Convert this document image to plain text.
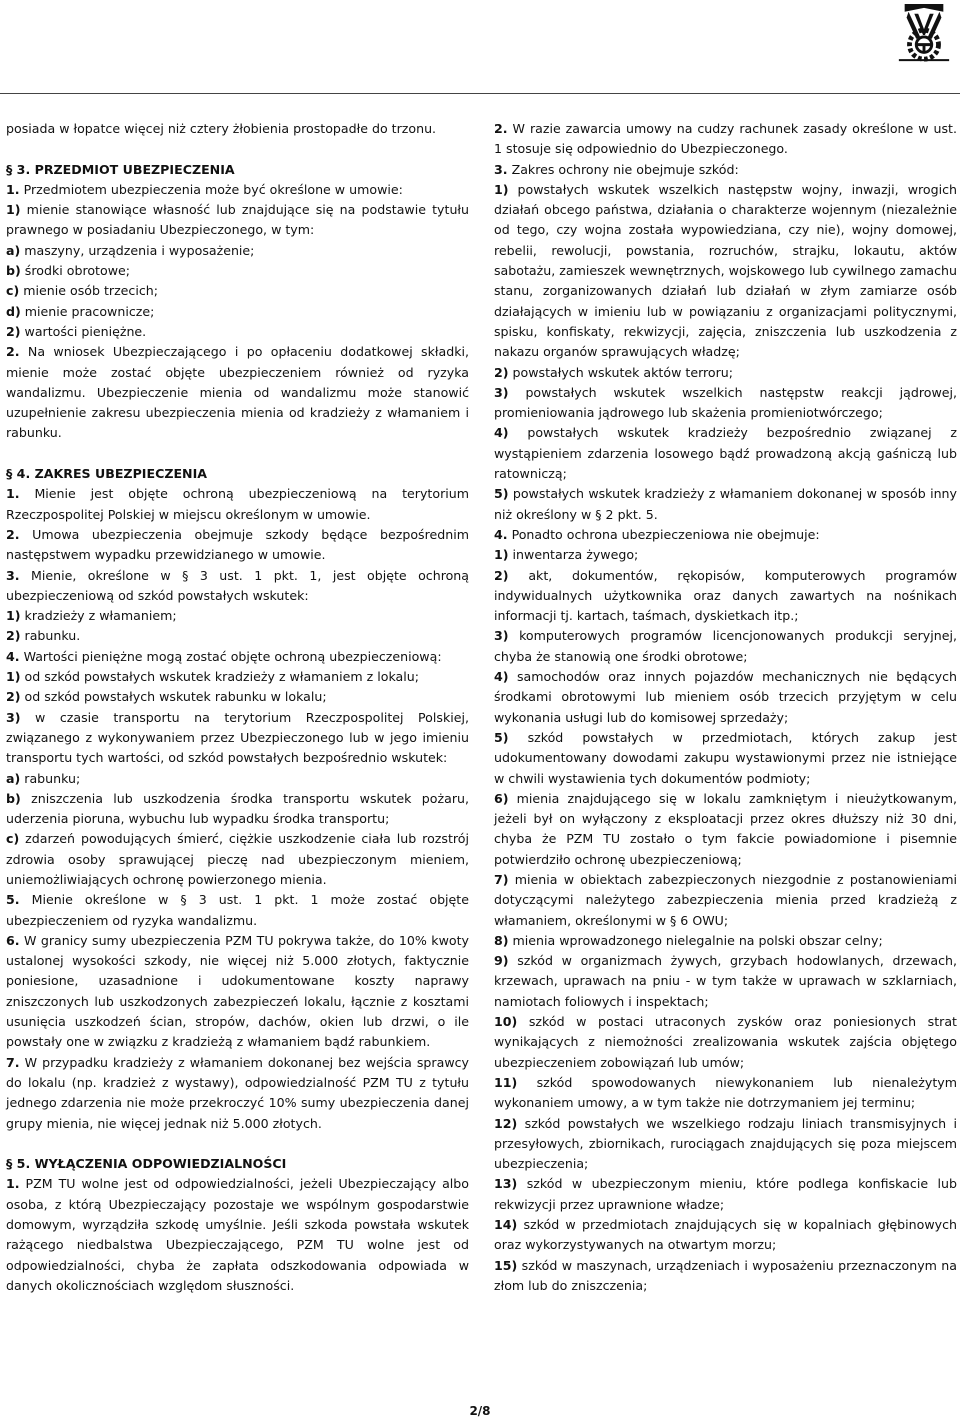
posiada w łopatce więcej niż cztery żłobienia prostopadłe do trzonu.

§ 3. PRZEDMIOT UBEZPIECZENIA

1. Przedmiotem ubezpieczenia może być określone w umowie:

1) mienie stanowiące własność lub znajdujące się na podstawie tytułu prawnego w posiadaniu Ubezpieczonego, w tym:

a) maszyny, urządzenia i wyposażenie;

b) środki obrotowe;

c) mienie osób trzecich;

d) mienie pracownicze;

2) wartości pieniężne.

2. Na wniosek Ubezpieczającego i po opłaceniu dodatkowej składki, mienie może zostać objęte ubezpieczeniem również od ryzyka wandalizmu. Ubezpieczenie mienia od wandalizmu może stanowić uzupełnienie zakresu ubezpieczenia mienia od kradzieży z włamaniem i rabunku.

§ 4. ZAKRES UBEZPIECZENIA

1. Mienie jest objęte ochroną ubezpieczeniową na terytorium Rzeczpospolitej Polskiej w miejscu określonym w umowie.

2. Umowa ubezpieczenia obejmuje szkody będące bezpośrednim następstwem wypadku przewidzianego w umowie.

3. Mienie, określone w § 3 ust. 1 pkt. 1, jest objęte ochroną ubezpieczeniową od szkód powstałych wskutek:

1) kradzieży z włamaniem;

2) rabunku.

4. Wartości pieniężne mogą zostać objęte ochroną ubezpieczeniową:

1) od szkód powstałych wskutek kradzieży z włamaniem z lokalu;

2) od szkód powstałych wskutek rabunku w lokalu;

3) w czasie transportu na terytorium Rzeczpospolitej Polskiej, związanego z wykonywaniem przez Ubezpieczonego lub w jego imieniu transportu tych wartości, od szkód powstałych bezpośrednio wskutek:

a) rabunku;

b) zniszczenia lub uszkodzenia środka transportu wskutek pożaru, uderzenia pioruna, wybuchu lub wypadku środka transportu;

c) zdarzeń powodujących śmierć, ciężkie uszkodzenie ciała lub rozstrój zdrowia osoby sprawującej pieczę nad ubezpieczonym mieniem, uniemożliwiających ochronę powierzonego mienia.

5. Mienie określone w § 3 ust. 1 pkt. 1 może zostać objęte ubezpieczeniem od ryzyka wandalizmu.

6. W granicy sumy ubezpieczenia PZM TU pokrywa także, do 10% kwoty ustalonej wysokości szkody, nie więcej niż 5.000 złotych, faktycznie poniesione, uzasadnione i udokumentowane koszty naprawy zniszczonych lub uszkodzonych zabezpieczeń lokalu, łącznie z kosztami usunięcia uszkodzeń ścian, stropów, dachów, okien lub drzwi, o ile powstały one w związku z kradzieżą z włamaniem bądź rabunkiem.

7. W przypadku kradzieży z włamaniem dokonanej bez wejścia sprawcy do lokalu (np. kradzież z wystawy), odpowiedzialność PZM TU z tytułu jednego zdarzenia nie może przekroczyć 10% sumy ubezpieczenia danej grupy mienia, nie więcej jednak niż 5.000 złotych.

§ 5. WYŁĄCZENIA ODPOWIEDZIALNOŚCI

1. PZM TU wolne jest od odpowiedzialności, jeżeli Ubezpieczający albo osoba, z którą Ubezpieczający pozostaje we wspólnym gospodarstwie domowym, wyrządziła szkodę umyślnie. Jeśli szkoda powstała wskutek rażącego niedbalstwa Ubezpieczającego, PZM TU wolne jest od odpowiedzialności, chyba że zapłata odszkodowania odpowiada w danych okolicznościach względom słuszności.

2. W razie zawarcia umowy na cudzy rachunek zasady określone w ust. 1 stosuje się odpowiednio do Ubezpieczonego.

3. Zakres ochrony nie obejmuje szkód:

1) powstałych wskutek wszelkich następstw wojny, inwazji, wrogich działań obcego państwa, działania o charakterze wojennym (niezależnie od tego, czy wojna została wypowiedziana, czy nie), wojny domowej, rebelii, rewolucji, powstania, rozruchów, strajku, lokautu, aktów sabotażu, zamieszek wewnętrznych, wojskowego lub cywilnego zamachu stanu, zorganizowanych działań lub działań w złym zamiarze osób działających w imieniu lub w powiązaniu z organizacjami politycznymi, spisku, konfiskaty, rekwizycji, zajęcia, zniszczenia lub uszkodzenia z nakazu organów sprawujących władzę;

2) powstałych wskutek aktów terroru;

3) powstałych wskutek wszelkich następstw reakcji jądrowej, promieniowania jądrowego lub skażenia promieniotwórczego;

4) powstałych wskutek kradzieży bezpośrednio związanej z wystąpieniem zdarzenia losowego bądź prowadzoną akcją gaśniczą lub ratowniczą;

5) powstałych wskutek kradzieży z włamaniem dokonanej w sposób inny niż określony w § 2 pkt. 5.

4. Ponadto ochrona ubezpieczeniowa nie obejmuje:

1) inwentarza żywego;

2) akt, dokumentów, rękopisów, komputerowych programów indywidualnych użytkownika oraz danych zawartych na nośnikach informacji tj. kartach, taśmach, dyskietkach itp.;

3) komputerowych programów licencjonowanych produkcji seryjnej, chyba że stanowią one środki obrotowe;

4) samochodów oraz innych pojazdów mechanicznych nie będących środkami obrotowymi lub mieniem osób trzecich przyjętym w celu wykonania usługi lub do komisowej sprzedaży;

5) szkód powstałych w przedmiotach, których zakup jest udokumentowany dowodami zakupu wystawionymi przez nie istniejące w chwili wystawienia tych dokumentów podmioty;

6) mienia znajdującego się w lokalu zamkniętym i nieużytkowanym, jeżeli był on wyłączony z eksploatacji przez okres dłuższy niż 30 dni, chyba że PZM TU zostało o tym fakcie powiadomione i pisemnie potwierdziło ochronę ubezpieczeniową;

7) mienia w obiektach zabezpieczonych niezgodnie z postanowieniami dotyczącymi należytego zabezpieczenia mienia przed kradzieżą z włamaniem, określonymi w § 6 OWU;

8) mienia wprowadzonego nielegalnie na polski obszar celny;

9) szkód w organizmach żywych, grzybach hodowlanych, drzewach, krzewach, uprawach na pniu - w tym także w uprawach w szklarniach, namiotach foliowych i inspektach;

10) szkód w postaci utraconych zysków oraz poniesionych strat wynikających z niemożności zrealizowania wskutek zajścia objętego ubezpieczeniem zobowiązań lub umów;

11) szkód spowodowanych niewykonaniem lub nienależytym wykonaniem umowy, a w tym także nie dotrzymaniem jej terminu;

12) szkód powstałych we wszelkiego rodzaju liniach transmisyjnych i przesyłowych, zbiornikach, rurociągach znajdujących się poza miejscem ubezpieczenia;

13) szkód w ubezpieczonym mieniu, które podlega konfiskacie lub rekwizycji przez uprawnione władze;

14) szkód w przedmiotach znajdujących się w kopalniach głębinowych oraz wykorzystywanych na otwartym morzu;

15) szkód w maszynach, urządzeniach i wyposażeniu przeznaczonym na złom lub do zniszczenia;

2/8
